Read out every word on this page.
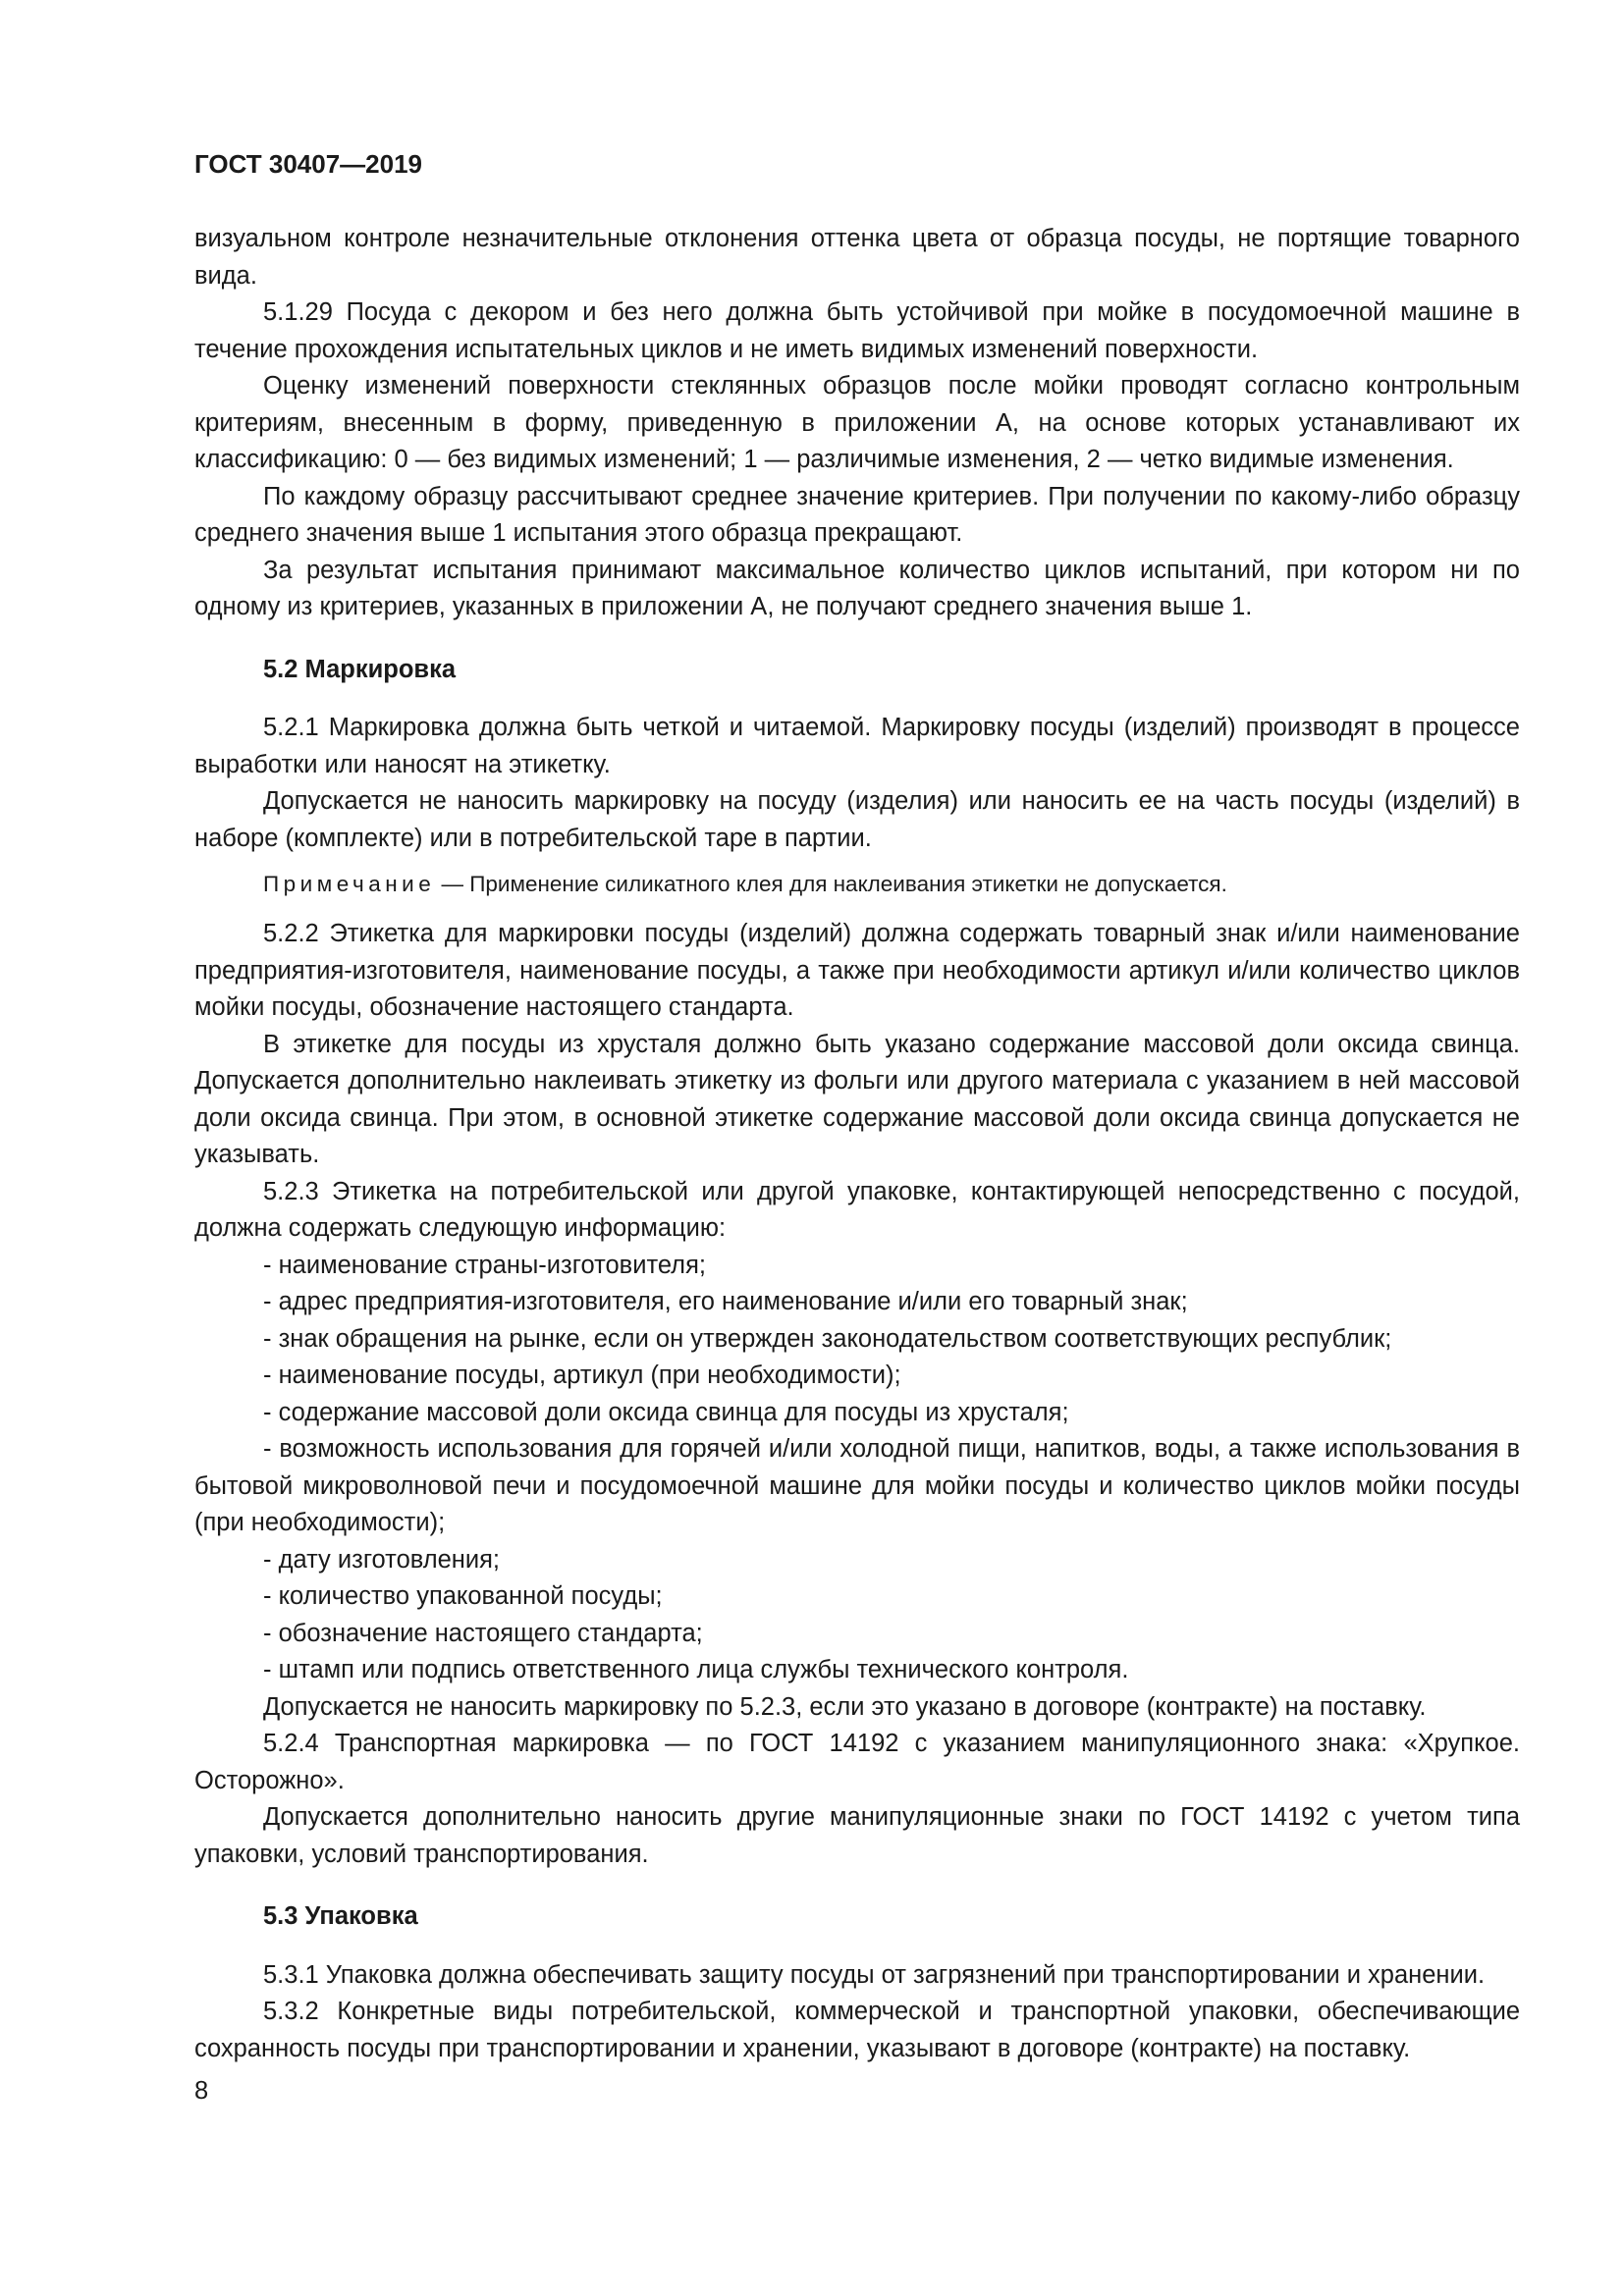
ГОСТ 30407—2019

визуальном контроле незначительные отклонения оттенка цвета от образца посуды, не портящие товарного вида.

5.1.29 Посуда с декором и без него должна быть устойчивой при мойке в посудомоечной машине в течение прохождения испытательных циклов и не иметь видимых изменений поверхности.

Оценку изменений поверхности стеклянных образцов после мойки проводят согласно контрольным критериям, внесенным в форму, приведенную в приложении А, на основе которых устанавливают их классификацию: 0 — без видимых изменений; 1 — различимые изменения, 2 — четко видимые изменения.

По каждому образцу рассчитывают среднее значение критериев. При получении по какому-либо образцу среднего значения выше 1 испытания этого образца прекращают.

За результат испытания принимают максимальное количество циклов испытаний, при котором ни по одному из критериев, указанных в приложении А, не получают среднего значения выше 1.

5.2 Маркировка

5.2.1 Маркировка должна быть четкой и читаемой. Маркировку посуды (изделий) производят в процессе выработки или наносят на этикетку.

Допускается не наносить маркировку на посуду (изделия) или наносить ее на часть посуды (изделий) в наборе (комплекте) или в потребительской таре в партии.

Примечание — Применение силикатного клея для наклеивания этикетки не допускается.

5.2.2 Этикетка для маркировки посуды (изделий) должна содержать товарный знак и/или наименование предприятия-изготовителя, наименование посуды, а также при необходимости артикул и/или количество циклов мойки посуды, обозначение настоящего стандарта.

В этикетке для посуды из хрусталя должно быть указано содержание массовой доли оксида свинца. Допускается дополнительно наклеивать этикетку из фольги или другого материала с указанием в ней массовой доли оксида свинца. При этом, в основной этикетке содержание массовой доли оксида свинца допускается не указывать.

5.2.3 Этикетка на потребительской или другой упаковке, контактирующей непосредственно с посудой, должна содержать следующую информацию:

- наименование страны-изготовителя;

- адрес предприятия-изготовителя, его наименование и/или его товарный знак;

- знак обращения на рынке, если он утвержден законодательством соответствующих республик;

- наименование посуды, артикул (при необходимости);

- содержание массовой доли оксида свинца для посуды из хрусталя;

- возможность использования для горячей и/или холодной пищи, напитков, воды, а также использования в бытовой микроволновой печи и посудомоечной машине для мойки посуды и количество циклов мойки посуды (при необходимости);

- дату изготовления;

- количество упакованной посуды;

- обозначение настоящего стандарта;

- штамп или подпись ответственного лица службы технического контроля.

Допускается не наносить маркировку по 5.2.3, если это указано в договоре (контракте) на поставку.

5.2.4 Транспортная маркировка — по ГОСТ 14192 с указанием манипуляционного знака: «Хрупкое. Осторожно».

Допускается дополнительно наносить другие манипуляционные знаки по ГОСТ 14192 с учетом типа упаковки, условий транспортирования.

5.3 Упаковка

5.3.1 Упаковка должна обеспечивать защиту посуды от загрязнений при транспортировании и хранении.

5.3.2 Конкретные виды потребительской, коммерческой и транспортной упаковки, обеспечивающие сохранность посуды при транспортировании и хранении, указывают в договоре (контракте) на поставку.

8
